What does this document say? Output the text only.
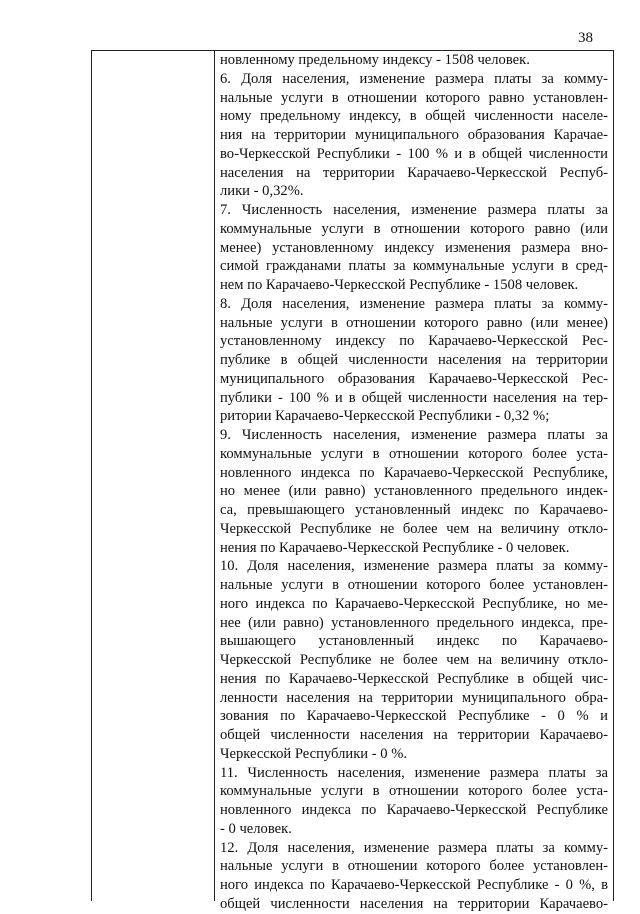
38
новленному предельному индексу - 1508 человек.
6. Доля населения, изменение размера платы за комму-
нальные услуги в отношении которого равно установлен-
ному предельному индексу, в общей численности населе-
ния на территории муниципального образования Карачае-
во-Черкесской Республики - 100 % и в общей численности
населения на территории Карачаево-Черкесской Респуб-
лики - 0,32%.
7. Численность населения, изменение размера платы за
коммунальные услуги в отношении которого равно (или
менее) установленному индексу изменения размера вно-
симой гражданами платы за коммунальные услуги в сред-
нем по Карачаево-Черкесской Республике - 1508 человек.
8. Доля населения, изменение размера платы за комму-
нальные услуги в отношении которого равно (или менее)
установленному индексу по Карачаево-Черкесской Рес-
публике в общей численности населения на территории
муниципального образования Карачаево-Черкесской Рес-
публики - 100 % и в общей численности населения на тер-
ритории Карачаево-Черкесской Республики - 0,32 %;
9. Численность населения, изменение размера платы за
коммунальные услуги в отношении которого более уста-
новленного индекса по Карачаево-Черкесской Республике,
но менее (или равно) установленного предельного индек-
са, превышающего установленный индекс по Карачаево-
Черкесской Республике не более чем на величину откло-
нения по Карачаево-Черкесской Республике - 0 человек.
10. Доля населения, изменение размера платы за комму-
нальные услуги в отношении которого более установлен-
ного индекса по Карачаево-Черкесской Республике, но ме-
нее (или равно) установленного предельного индекса, пре-
вышающего установленный индекс по Карачаево-
Черкесской Республике не более чем на величину откло-
нения по Карачаево-Черкесской Республике в общей чис-
ленности населения на территории муниципального обра-
зования по Карачаево-Черкесской Республике - 0 % и
общей численности населения на территории Карачаево-
Черкесской Республики - 0 %.
11. Численность населения, изменение размера платы за
коммунальные услуги в отношении которого более уста-
новленного индекса по Карачаево-Черкесской Республике
- 0 человек.
12. Доля населения, изменение размера платы за комму-
нальные услуги в отношении которого более установлен-
ного индекса по Карачаево-Черкесской Республике - 0 %, в
общей численности населения на территории Карачаево-
